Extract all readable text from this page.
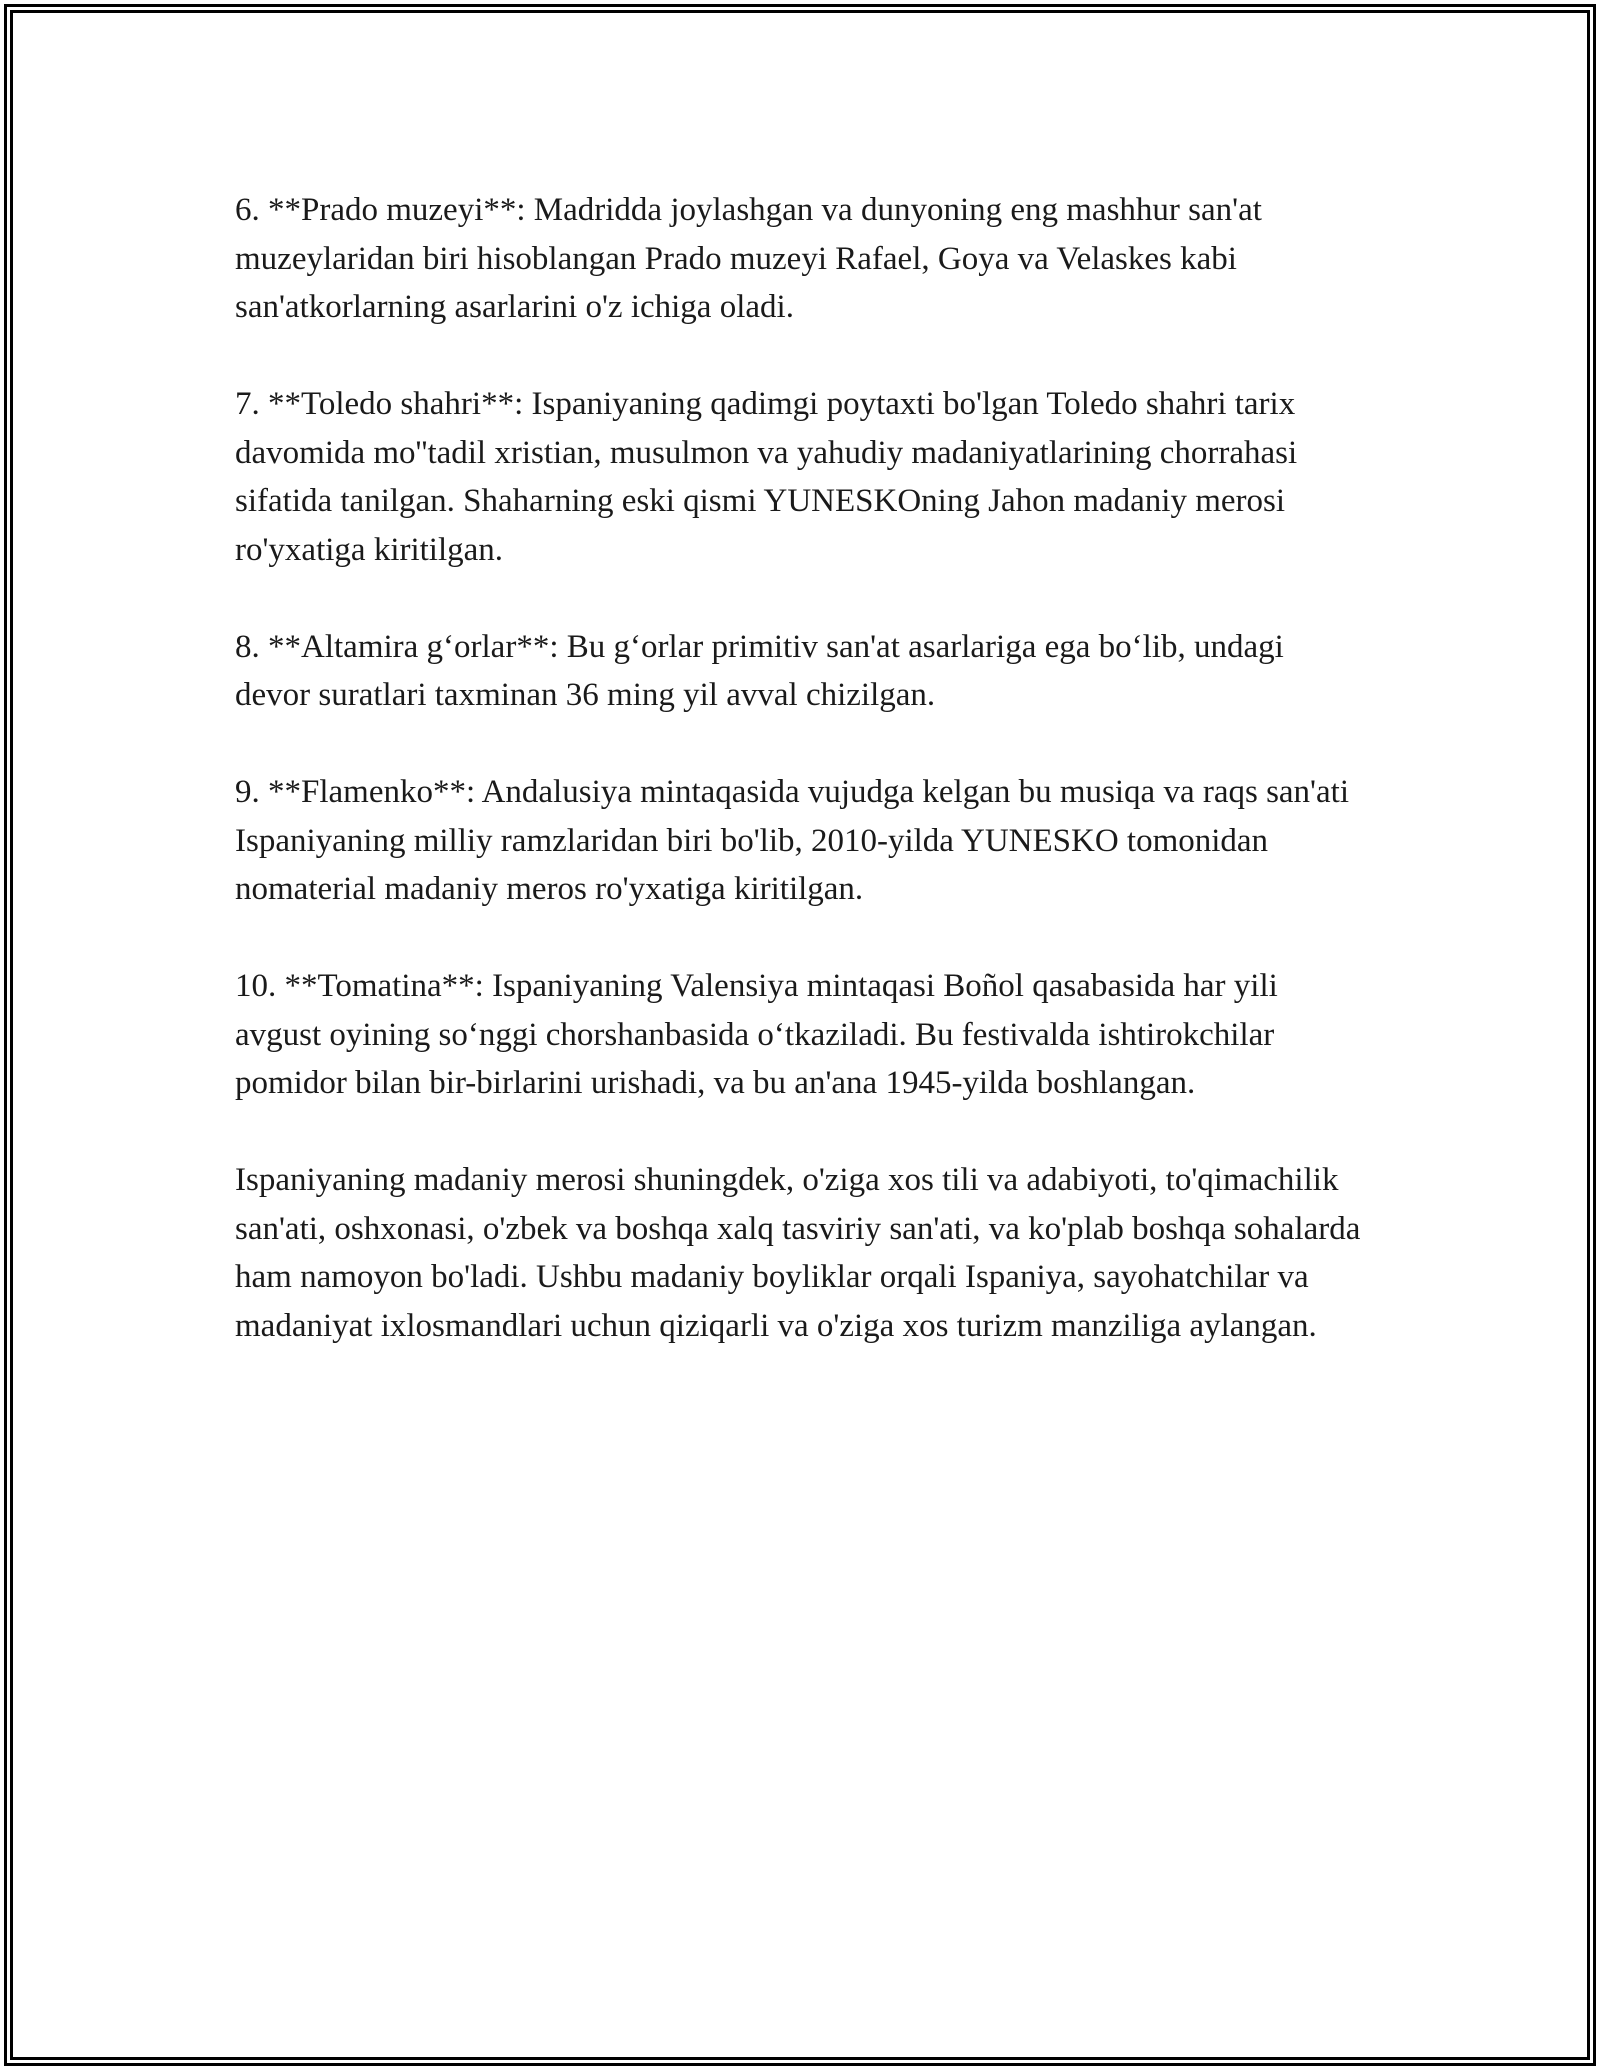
6. **Prado muzeyi**: Madridda joylashgan va dunyoning eng mashhur san'at muzeylaridan biri hisoblangan Prado muzeyi Rafael, Goya va Velaskes kabi san'atkorlarning asarlarini o'z ichiga oladi.

7. **Toledo shahri**: Ispaniyaning qadimgi poytaxti bo'lgan Toledo shahri tarix davomida mo''tadil xristian, musulmon va yahudiy madaniyatlarining chorrahasi sifatida tanilgan. Shaharning eski qismi YUNESKOning Jahon madaniy merosi ro'yxatiga kiritilgan.

8. **Altamira g‘orlar**: Bu g‘orlar primitiv san'at asarlariga ega bo‘lib, undagi devor suratlari taxminan 36 ming yil avval chizilgan.

9. **Flamenko**: Andalusiya mintaqasida vujudga kelgan bu musiqa va raqs san'ati Ispaniyaning milliy ramzlaridan biri bo'lib, 2010-yilda YUNESKO tomonidan nomaterial madaniy meros ro'yxatiga kiritilgan.

10. **Tomatina**: Ispaniyaning Valensiya mintaqasi Boñol qasabasida har yili avgust oyining so‘nggi chorshanbasida o‘tkaziladi. Bu festivalda ishtirokchilar pomidor bilan bir-birlarini urishadi, va bu an'ana 1945-yilda boshlangan.

Ispaniyaning madaniy merosi shuningdek, o'ziga xos tili va adabiyoti, to'qimachilik san'ati, oshxonasi, o'zbek va boshqa xalq tasviriy san'ati, va ko'plab boshqa sohalarda ham namoyon bo'ladi. Ushbu madaniy boyliklar orqali Ispaniya, sayohatchilar va madaniyat ixlosmandlari uchun qiziqarli va o'ziga xos turizm manziliga aylangan.
